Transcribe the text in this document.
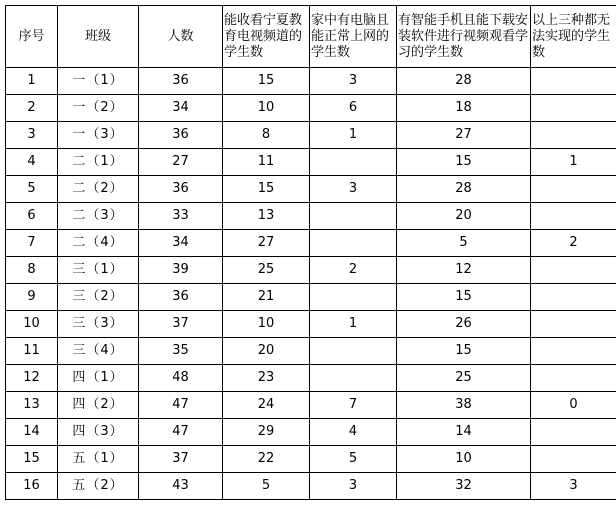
序号	班级	人数	能收看宁夏教育电视频道的学生数	家中有电脑且能正常上网的学生数	有智能手机且能下载安装软件进行视频观看学习的学生数	以上三种都无法实现的学生数
1	一（1）	36	15	3	28	
2	一（2）	34	10	6	18	
3	一（3）	36	8	1	27	
4	二（1）	27	11		15	1
5	二（2）	36	15	3	28	
6	二（3）	33	13		20	
7	二（4）	34	27		5	2
8	三（1）	39	25	2	12	
9	三（2）	36	21		15	
10	三（3）	37	10	1	26	
11	三（4）	35	20		15	
12	四（1）	48	23		25	
13	四（2）	47	24	7	38	0
14	四（3）	47	29	4	14	
15	五（1）	37	22	5	10	
16	五（2）	43	5	3	32	3
